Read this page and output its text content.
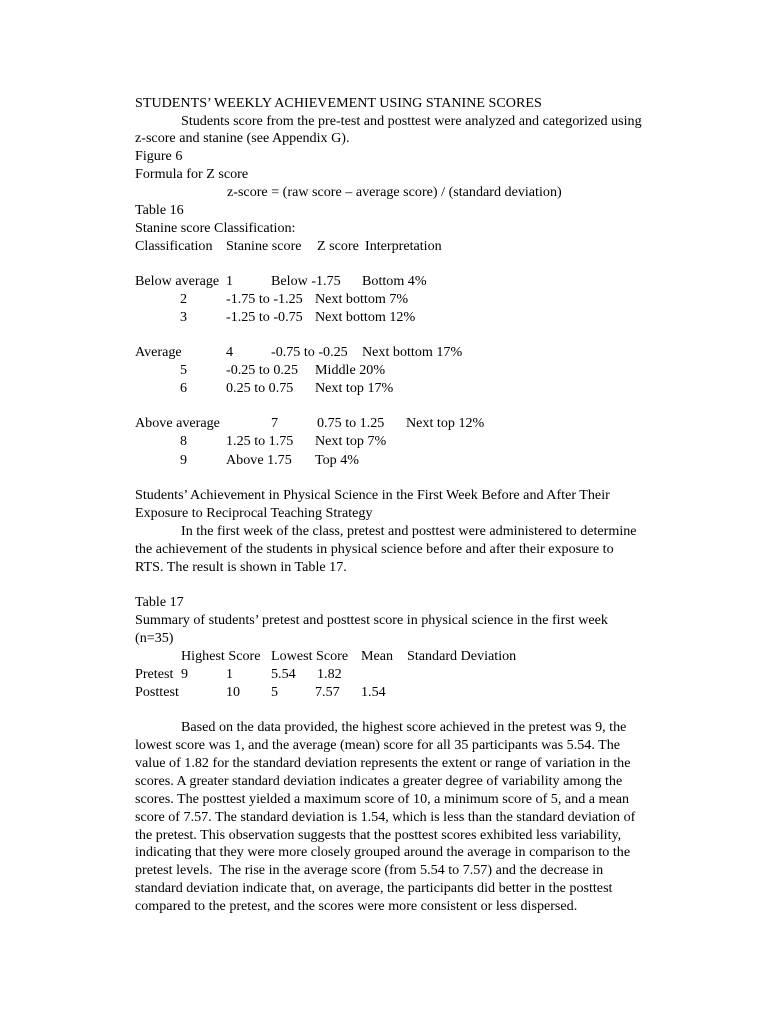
STUDENTS’ WEEKLY ACHIEVEMENT USING STANINE SCORES
Students score from the pre-test and posttest were analyzed and categorized using
z-score and stanine (see Appendix G).
Figure 6
Formula for Z score
z-score = (raw score – average score) / (standard deviation)
Table 16
Stanine score Classification:
Classification Stanine score Z score Interpretation
Below average 1	Below -1.75 Bottom 4%
2	-1.75 to -1.25 Next bottom 7%
3	-1.25 to -0.75 Next bottom 12%
Average	4	-0.75 to -0.25 Next bottom 17%
5	-0.25 to 0.25 Middle 20%
6	0.25 to 0.75 Next top 17%
Above average	7	0.75 to 1.25 Next top 12%
8	1.25 to 1.75 Next top 7%
9	Above 1.75 Top 4%
Students’ Achievement in Physical Science in the First Week Before and After Their
Exposure to Reciprocal Teaching Strategy
In the first week of the class, pretest and posttest were administered to determine
the achievement of the students in physical science before and after their exposure to
RTS. The result is shown in Table 17.
Table 17
Summary of students’ pretest and posttest score in physical science in the first week
(n=35)
Highest Score Lowest Score Mean Standard Deviation
Pretest 9	1	5.54 1.82
Posttest	10 5	7.57 1.54
Based on the data provided, the highest score achieved in the pretest was 9, the
lowest score was 1, and the average (mean) score for all 35 participants was 5.54. The
value of 1.82 for the standard deviation represents the extent or range of variation in the
scores. A greater standard deviation indicates a greater degree of variability among the
scores. The posttest yielded a maximum score of 10, a minimum score of 5, and a mean
score of 7.57. The standard deviation is 1.54, which is less than the standard deviation of
the pretest. This observation suggests that the posttest scores exhibited less variability,
indicating that they were more closely grouped around the average in comparison to the
pretest levels.  The rise in the average score (from 5.54 to 7.57) and the decrease in
standard deviation indicate that, on average, the participants did better in the posttest
compared to the pretest, and the scores were more consistent or less dispersed.
